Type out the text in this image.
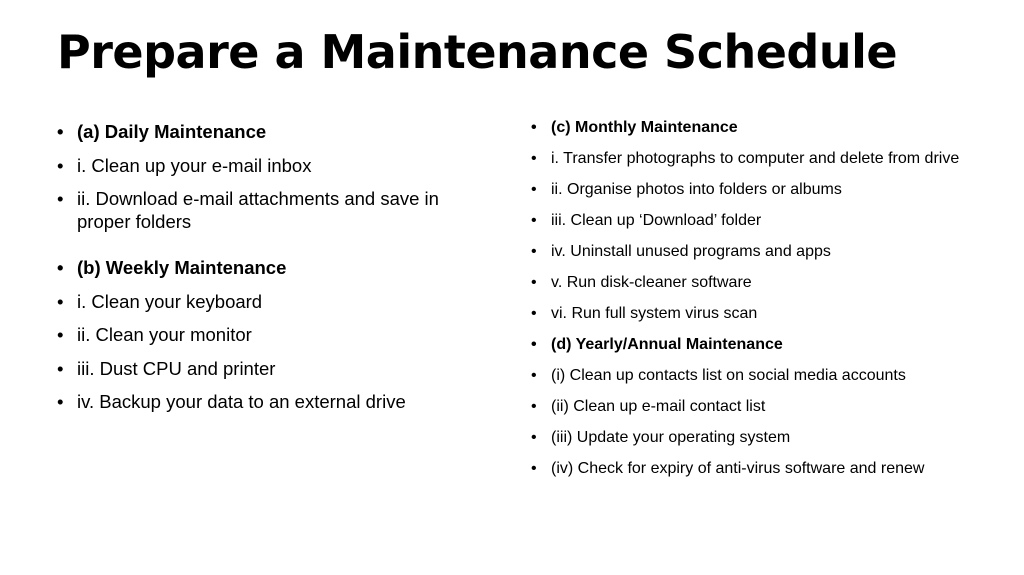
Prepare a Maintenance Schedule
• (a) Daily Maintenance
• i. Clean up your e-mail inbox
• ii. Download e-mail attachments and save in proper folders
• (b) Weekly Maintenance
• i. Clean your keyboard
• ii. Clean your monitor
• iii. Dust CPU and printer
• iv. Backup your data to an external drive
• (c) Monthly Maintenance
• i. Transfer photographs to computer and delete from drive
• ii. Organise photos into folders or albums
• iii. Clean up ‘Download’ folder
• iv. Uninstall unused programs and apps
• v. Run disk-cleaner software
• vi. Run full system virus scan
• (d) Yearly/Annual Maintenance
• (i) Clean up contacts list on social media accounts
• (ii) Clean up e-mail contact list
• (iii) Update your operating system
• (iv) Check for expiry of anti-virus software and renew
